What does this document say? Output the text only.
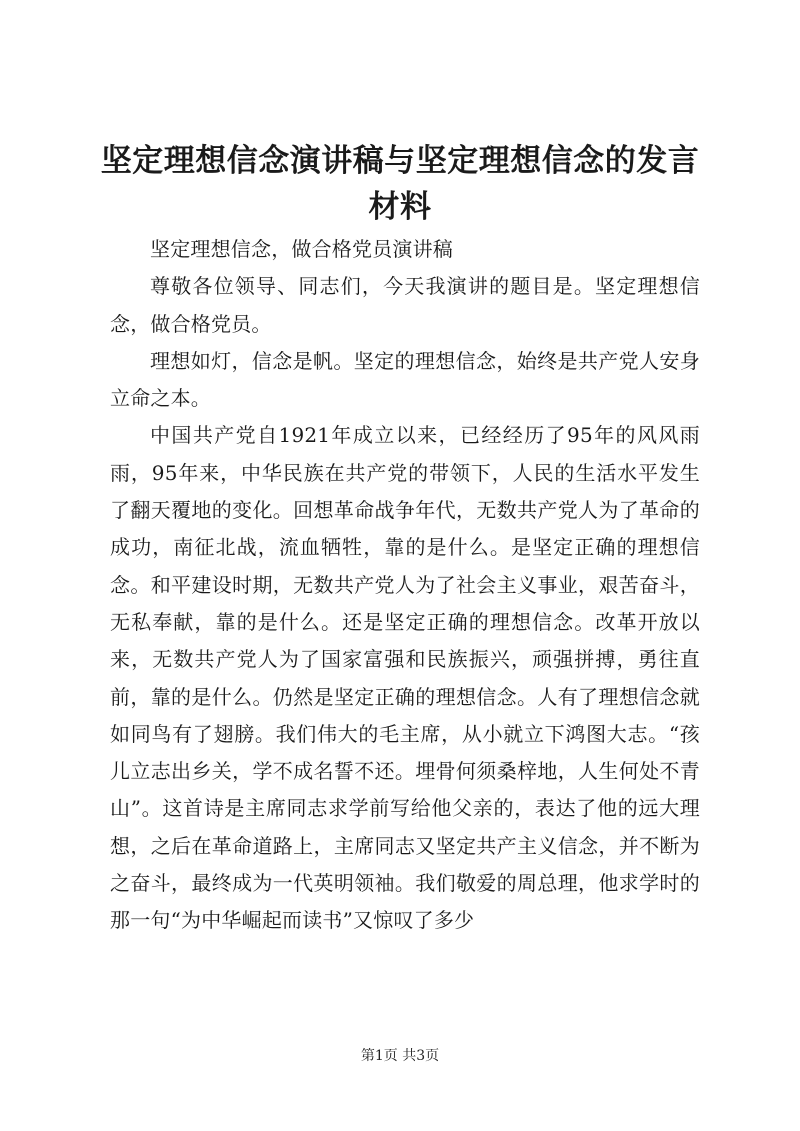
坚定理想信念演讲稿与坚定理想信念的发言材料

坚定理想信念，做合格党员演讲稿

尊敬各位领导、同志们，今天我演讲的题目是。坚定理想信念，做合格党员。

理想如灯，信念是帆。坚定的理想信念，始终是共产党人安身立命之本。

中国共产党自1921年成立以来，已经经历了95年的风风雨雨，95年来，中华民族在共产党的带领下，人民的生活水平发生了翻天覆地的变化。回想革命战争年代，无数共产党人为了革命的成功，南征北战，流血牺牲，靠的是什么。是坚定正确的理想信念。和平建设时期，无数共产党人为了社会主义事业，艰苦奋斗，无私奉献，靠的是什么。还是坚定正确的理想信念。改革开放以来，无数共产党人为了国家富强和民族振兴，顽强拼搏，勇往直前，靠的是什么。仍然是坚定正确的理想信念。人有了理想信念就如同鸟有了翅膀。我们伟大的毛主席，从小就立下鸿图大志。“孩儿立志出乡关，学不成名誓不还。埋骨何须桑梓地，人生何处不青山”。这首诗是主席同志求学前写给他父亲的，表达了他的远大理想，之后在革命道路上，主席同志又坚定共产主义信念，并不断为之奋斗，最终成为一代英明领袖。我们敬爱的周总理，他求学时的那一句“为中华崛起而读书”又惊叹了多少

第1页 共3页
